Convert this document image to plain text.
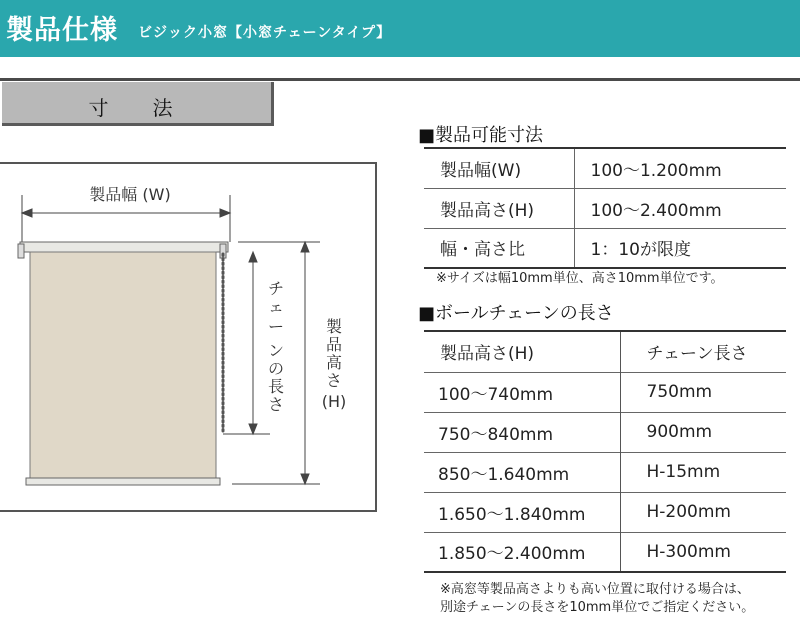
製品仕様 ビジック小窓【小窓チェーンタイプ】
寸　法
製品幅 (W)
チ
ェ
ー
ン
の
長
さ
製
品
高
さ
(H)
■製品可能寸法
製品幅(W)	100〜1.200mm
製品高さ(H)	100〜2.400mm
幅・高さ比	1：10が限度
※サイズは幅10mm単位、高さ10mm単位です。
■ボールチェーンの長さ
製品高さ(H)	チェーン長さ
100〜740mm	750mm
750〜840mm	900mm
850〜1.640mm	H-15mm
1.650〜1.840mm	H-200mm
1.850〜2.400mm	H-300mm
※高窓等製品高さよりも高い位置に取付ける場合は、
別途チェーンの長さを10mm単位でご指定ください。
